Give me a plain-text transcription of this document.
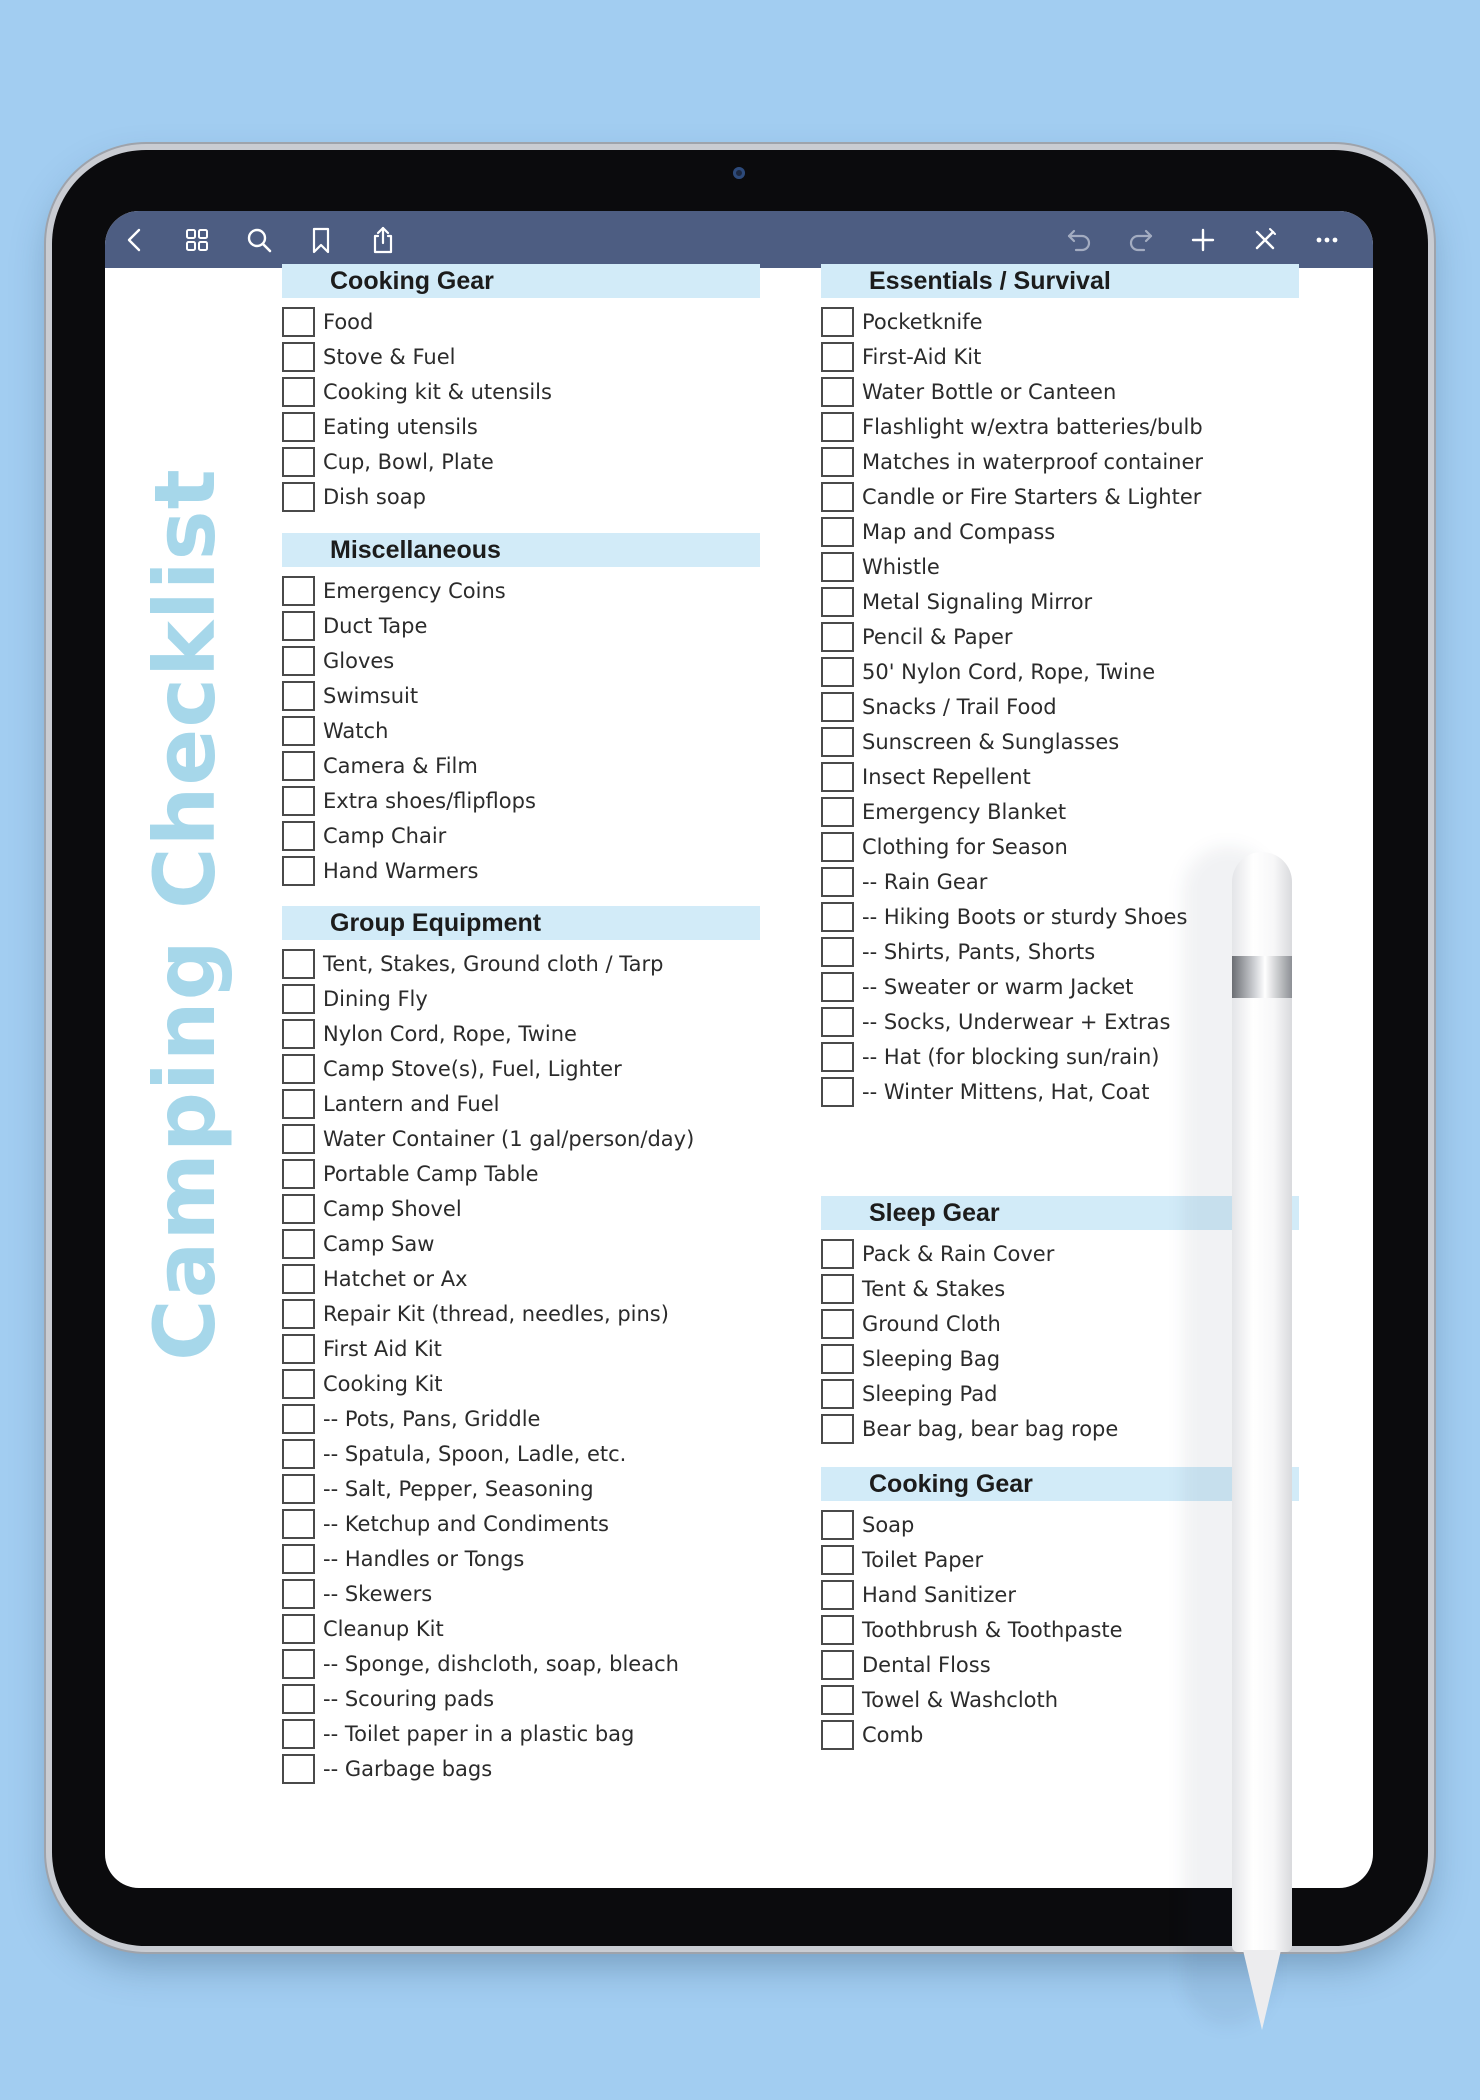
Camping Checklist
Cooking Gear
Food
Stove & Fuel
Cooking kit & utensils
Eating utensils
Cup, Bowl, Plate
Dish soap
Miscellaneous
Emergency Coins
Duct Tape
Gloves
Swimsuit
Watch
Camera & Film
Extra shoes/flipflops
Camp Chair
Hand Warmers
Group Equipment
Tent, Stakes, Ground cloth / Tarp
Dining Fly
Nylon Cord, Rope, Twine
Camp Stove(s), Fuel, Lighter
Lantern and Fuel
Water Container (1 gal/person/day)
Portable Camp Table
Camp Shovel
Camp Saw
Hatchet or Ax
Repair Kit (thread, needles, pins)
First Aid Kit
Cooking Kit
-- Pots, Pans, Griddle
-- Spatula, Spoon, Ladle, etc.
-- Salt, Pepper, Seasoning
-- Ketchup and Condiments
-- Handles or Tongs
-- Skewers
Cleanup Kit
-- Sponge, dishcloth, soap, bleach
-- Scouring pads
-- Toilet paper in a plastic bag
-- Garbage bags
Essentials / Survival
Pocketknife
First-Aid Kit
Water Bottle or Canteen
Flashlight w/extra batteries/bulb
Matches in waterproof container
Candle or Fire Starters & Lighter
Map and Compass
Whistle
Metal Signaling Mirror
Pencil & Paper
50' Nylon Cord, Rope, Twine
Snacks / Trail Food
Sunscreen & Sunglasses
Insect Repellent
Emergency Blanket
Clothing for Season
-- Rain Gear
-- Hiking Boots or sturdy Shoes
-- Shirts, Pants, Shorts
-- Sweater or warm Jacket
-- Socks, Underwear + Extras
-- Hat (for blocking sun/rain)
-- Winter Mittens, Hat, Coat
Sleep Gear
Pack & Rain Cover
Tent & Stakes
Ground Cloth
Sleeping Bag
Sleeping Pad
Bear bag, bear bag rope
Cooking Gear
Soap
Toilet Paper
Hand Sanitizer
Toothbrush & Toothpaste
Dental Floss
Towel & Washcloth
Comb
